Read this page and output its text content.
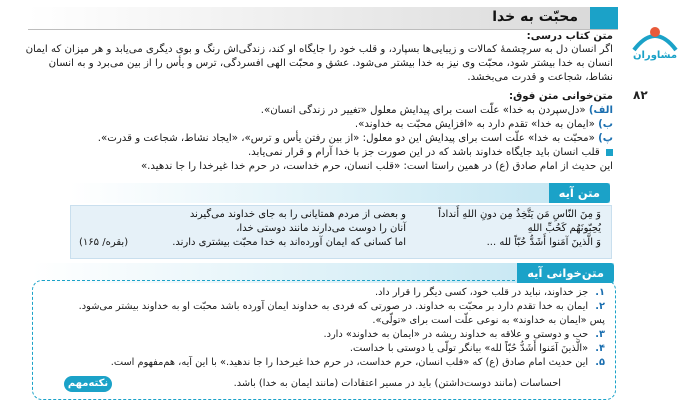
محبّت به خدا
مشاوران
۸۲
متن کتاب درسی:
اگر انسان دل به سرچشمهٔ کمالات و زیبایی‌ها بسپارد، و قلب خود را جایگاه او کند، زندگی‌اش رنگ و بوی دیگری می‌یابد و هر میزان که ایمان
انسان به خدا بیشتر شود، محبّت وی نیز به خدا بیشتر می‌شود. عشق و محبّت الهی افسردگی، ترس و یأس را از بین می‌برد و به انسان
نشاط، شجاعت و قدرت می‌بخشد.
متن‌خوانی متن فوق:
الف) «دل‌سپردن به خدا» علّت است برای پیدایش معلول «تغییر در زندگی انسان».
ب) «ایمان به خدا» تقدم دارد به «افزایش محبّت به خداوند».
پ) «محبّت به خدا» علّت است برای پیدایش این دو معلول: «از بین رفتن یأس و ترس»، «ایجاد نشاط، شجاعت و قدرت».
قلب انسان باید جایگاه خداوند باشد که در این صورت جز با خدا آرام و قرار نمی‌یابد.
این حدیث از امام صادق (ع) در همین راستا است: «قلب انسان، حرم خداست، در حرم خدا غیرخدا را جا ندهید.»
متن آیه
وَ مِنَ النّاسِ مَن یَتَّخِذُ مِن دونِ اللهِ أَنداداً
یُحِبّونَهُم کَحُبِّ اللهِ
وَ الَّذینَ آمَنوا أَشَدُّ حُبّاً لله ...
و بعضی از مردم همتایانی را به جای خداوند می‌گیرند
آنان را دوست می‌دارند مانند دوستی خدا،
اما کسانی که ایمان آورده‌اند به خدا محبّت بیشتری دارند.
(بقره/ ۱۶۵)
متن‌خوانی آیه
۱. جز خداوند، نباید در قلب خود، کسی دیگر را قرار داد.
۲. ایمان به خدا تقدم دارد بر محبّت به خداوند. در صورتی که فردی به خداوند ایمان آورده باشد محبّت او به خداوند بیشتر می‌شود.
پس «ایمان به خداوند» به نوعی علّت است برای «تولّی».
۳. حب و دوستی و علاقه به خداوند ریشه در «ایمان به خداوند» دارد.
۴. «الَّذینَ آمَنوا أَشَدُّ حُبّاً لله» بیانگر تولّی یا دوستی با خداست.
۵. این حدیث امام صادق (ع) که «قلب انسان، حرم خداست، در حرم خدا غیرخدا را جا ندهید.» با این آیه، هم‌مفهوم است.
احساسات (مانند دوست‌داشتن) باید در مسیر اعتقادات (مانند ایمان به خدا) باشد.
نکته‌مهم
